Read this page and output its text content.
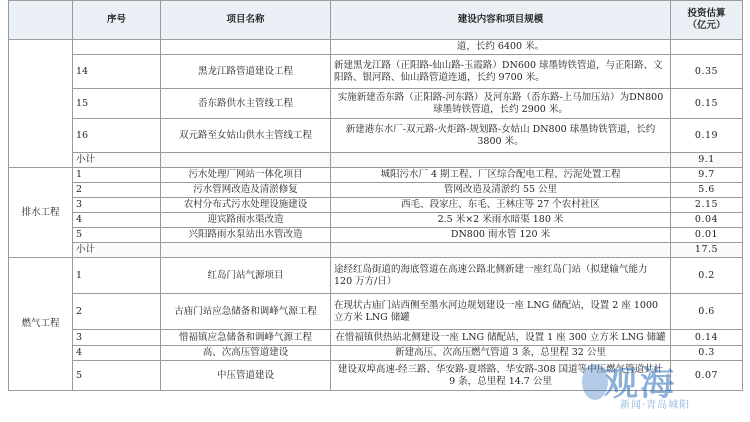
	序号	项目名称	建设内容和项目规模	投资估算
（亿元）
			道，长约 6400 米。	
	14	黑龙江路管道建设工程	新建黑龙江路（正阳路-仙山路-玉霞路）DN600 球墨铸铁管道，与正阳路、文阳路、银河路、仙山路管道连通，长约 9700 米。	0.35
	15	岙东路供水主管线工程	实施新建岙东路（正阳路-河东路）及河东路（岙东路-上马加压站）为DN800 球墨铸铁管道，长约 2900 米。	0.15
	16	双元路至女姑山供水主管线工程	新建港东水厂-双元路-火炬路-规划路-女姑山 DN800 球墨铸铁管道，长约 3800 米。	0.19
	小计			9.1
排水工程	1	污水处理厂网站一体化项目	城阳污水厂 4 期工程、厂区综合配电工程、污泥处置工程	9.7
	2	污水管网改造及清淤修复	管网改造及清淤约 55 公里	5.6
	3	农村分布式污水处理设施建设	西毛、段家庄、东毛、王林庄等 27 个农村社区	2.15
	4	迎宾路雨水渠改造	2.5 米×2 米雨水暗渠 180 米	0.04
	5	兴阳路雨水泵站出水管改造	DN800 雨水管 120 米	0.01
	小计			17.5
燃气工程	1	红岛门站气源项目	途经红岛街道的海底管道在高速公路北侧新建一座红岛门站（拟建输气能力 120 万方/日）	0.2
	2	古庙门站应急储备和调峰气源工程	在现状古庙门站西侧至墨水河边规划建设一座 LNG 储配站，设置 2 座 1000 立方米 LNG 储罐	0.6
	3	惜福镇应急储备和调峰气源工程	在惜福镇供热站北侧建设一座 LNG 储配站，设置 1 座 300 立方米 LNG 储罐	0.14
	4	高、次高压管道建设	新建高压、次高压燃气管道 3 条，总里程 32 公里	0.3
	5	中压管道建设	建设双埠高速-经三路、华安路-夏塔路、华安路-308 国道等中压燃气管道共计 9 条，总里程 14.7 公里	0.07
观海
新闻·青岛城阳
